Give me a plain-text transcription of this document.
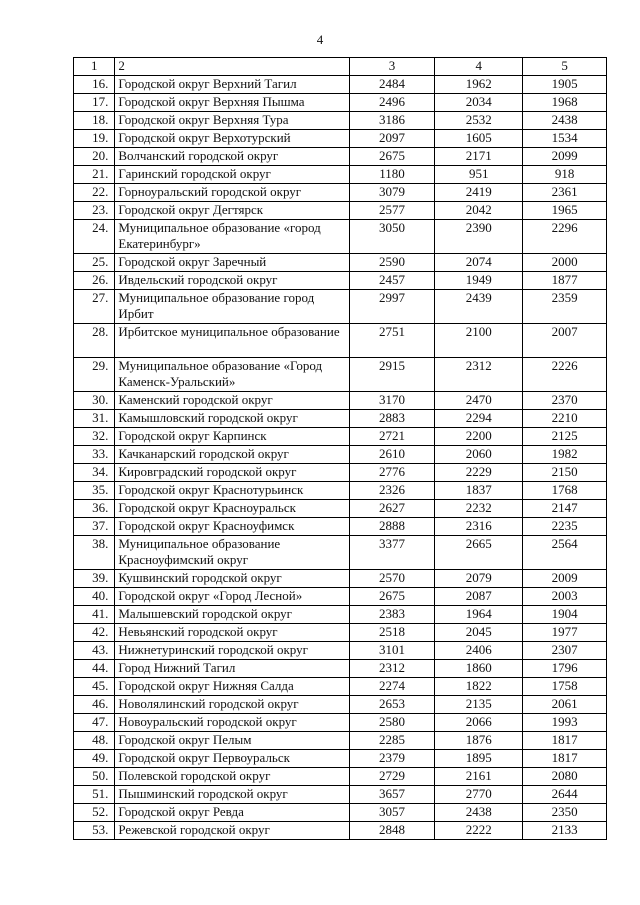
4
1	2	3	4	5
16.	Городской округ Верхний Тагил	2484	1962	1905
17.	Городской округ Верхняя Пышма	2496	2034	1968
18.	Городской округ Верхняя Тура	3186	2532	2438
19.	Городской округ Верхотурский	2097	1605	1534
20.	Волчанский городской округ	2675	2171	2099
21.	Гаринский городской округ	1180	951	918
22.	Горноуральский городской округ	3079	2419	2361
23.	Городской округ Дегтярск	2577	2042	1965
24.	Муниципальное образование «город Екатеринбург»	3050	2390	2296
25.	Городской округ Заречный	2590	2074	2000
26.	Ивдельский городской округ	2457	1949	1877
27.	Муниципальное образование город Ирбит	2997	2439	2359
28.	Ирбитское муниципальное образование	2751	2100	2007
29.	Муниципальное образование «Город Каменск-Уральский»	2915	2312	2226
30.	Каменский городской округ	3170	2470	2370
31.	Камышловский городской округ	2883	2294	2210
32.	Городской округ Карпинск	2721	2200	2125
33.	Качканарский городской округ	2610	2060	1982
34.	Кировградский городской округ	2776	2229	2150
35.	Городской округ Краснотурьинск	2326	1837	1768
36.	Городской округ Красноуральск	2627	2232	2147
37.	Городской округ Красноуфимск	2888	2316	2235
38.	Муниципальное образование Красноуфимский округ	3377	2665	2564
39.	Кушвинский городской округ	2570	2079	2009
40.	Городской округ «Город Лесной»	2675	2087	2003
41.	Малышевский городской округ	2383	1964	1904
42.	Невьянский городской округ	2518	2045	1977
43.	Нижнетуринский городской округ	3101	2406	2307
44.	Город Нижний Тагил	2312	1860	1796
45.	Городской округ Нижняя Салда	2274	1822	1758
46.	Новолялинский городской округ	2653	2135	2061
47.	Новоуральский городской округ	2580	2066	1993
48.	Городской округ Пелым	2285	1876	1817
49.	Городской округ Первоуральск	2379	1895	1817
50.	Полевской городской округ	2729	2161	2080
51.	Пышминский городской округ	3657	2770	2644
52.	Городской округ Ревда	3057	2438	2350
53.	Режевской городской округ	2848	2222	2133
